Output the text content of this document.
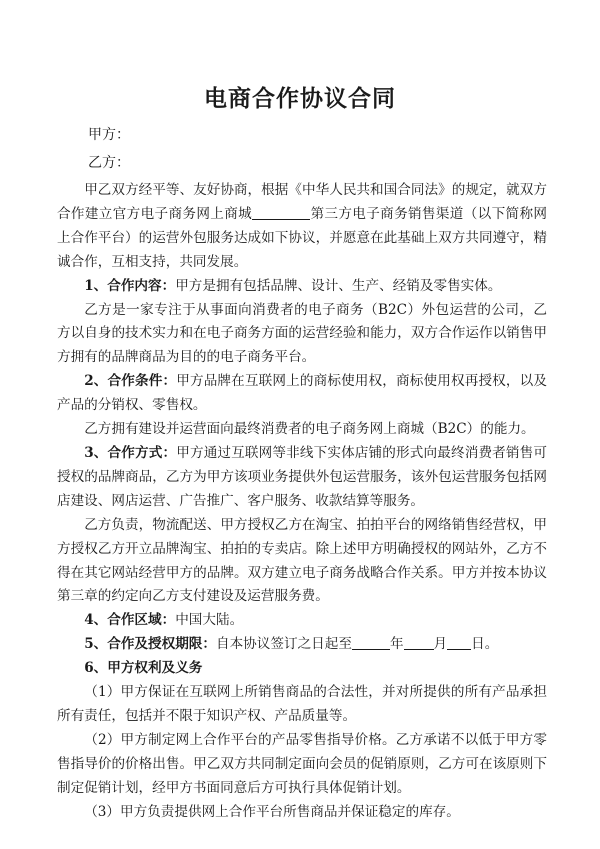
电商合作协议合同
甲方：
乙方：

甲乙双方经平等、友好协商，根据《中华人民共和国合同法》的规定，就双方合作建立官方电子商务网上商城	第三方电子商务销售渠道（以下简称网上合作平台）的运营外包服务达成如下协议，并愿意在此基础上双方共同遵守，精诚合作，互相支持，共同发展。

1、合作内容：甲方是拥有包括品牌、设计、生产、经销及零售实体。

乙方是一家专注于从事面向消费者的电子商务（B2C）外包运营的公司，乙方以自身的技术实力和在电子商务方面的运营经验和能力，双方合作运作以销售甲方拥有的品牌商品为目的的电子商务平台。

2、合作条件：甲方品牌在互联网上的商标使用权，商标使用权再授权，以及产品的分销权、零售权。

乙方拥有建设并运营面向最终消费者的电子商务网上商城（B2C）的能力。

3、合作方式：甲方通过互联网等非线下实体店铺的形式向最终消费者销售可授权的品牌商品，乙方为甲方该项业务提供外包运营服务，该外包运营服务包括网店建设、网店运营、广告推广、客户服务、收款结算等服务。

乙方负责，物流配送、甲方授权乙方在淘宝、拍拍平台的网络销售经营权，甲方授权乙方开立品牌淘宝、拍拍的专卖店。除上述甲方明确授权的网站外，乙方不得在其它网站经营甲方的品牌。双方建立电子商务战略合作关系。甲方并按本协议第三章的约定向乙方支付建设及运营服务费。

4、合作区域：中国大陆。

5、合作及授权期限：自本协议签订之日起至	年 月 日。

6、甲方权利及义务

（1）甲方保证在互联网上所销售商品的合法性，并对所提供的所有产品承担所有责任，包括并不限于知识产权、产品质量等。

（2）甲方制定网上合作平台的产品零售指导价格。乙方承诺不以低于甲方零售指导价的价格出售。甲乙双方共同制定面向会员的促销原则，乙方可在该原则下制定促销计划，经甲方书面同意后方可执行具体促销计划。

（3）甲方负责提供网上合作平台所售商品并保证稳定的库存。
